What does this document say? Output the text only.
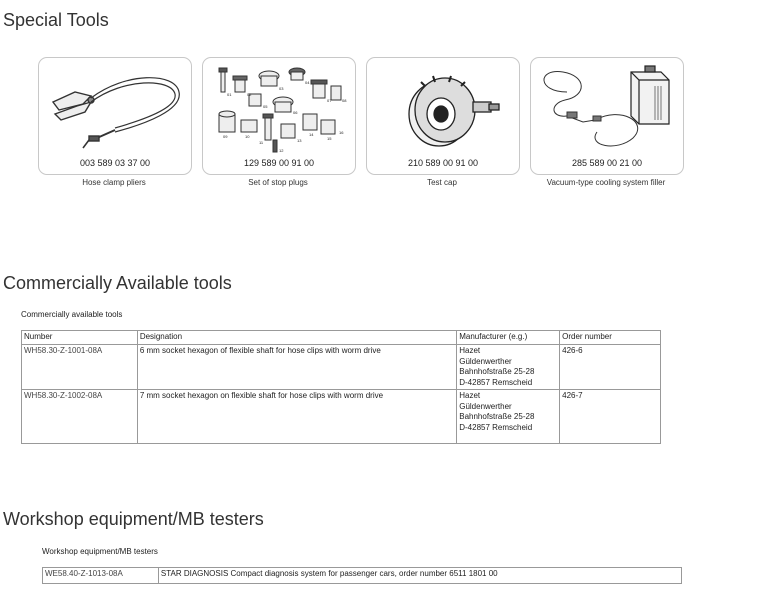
Special Tools
003 589 03 37 00
Hose clamp pliers
01	02
03
04
05
06
07	08
09	10
11
12
13
14
15
16
129 589 00 91 00
Set of stop plugs
210 589 00 91 00
Test cap
285 589 00 21 00
Vacuum-type cooling system filler
Commercially Available tools
Commercially available tools
Number	Designation	Manufacturer (e.g.)	Order number
WH58.30-Z-1001-08A	6 mm socket hexagon of flexible shaft for hose clips with worm drive	Hazet
Güldenwerther
Bahnhofstraße 25-28
D-42857 Remscheid	426-6
WH58.30-Z-1002-08A	7 mm socket hexagon on flexible shaft for hose clips with worm drive	Hazet
Güldenwerther
Bahnhofstraße 25-28
D-42857 Remscheid	426-7
Workshop equipment/MB testers
Workshop equipment/MB testers
WE58.40-Z-1013-08A	STAR DIAGNOSIS Compact diagnosis system for passenger cars, order number 6511 1801 00
